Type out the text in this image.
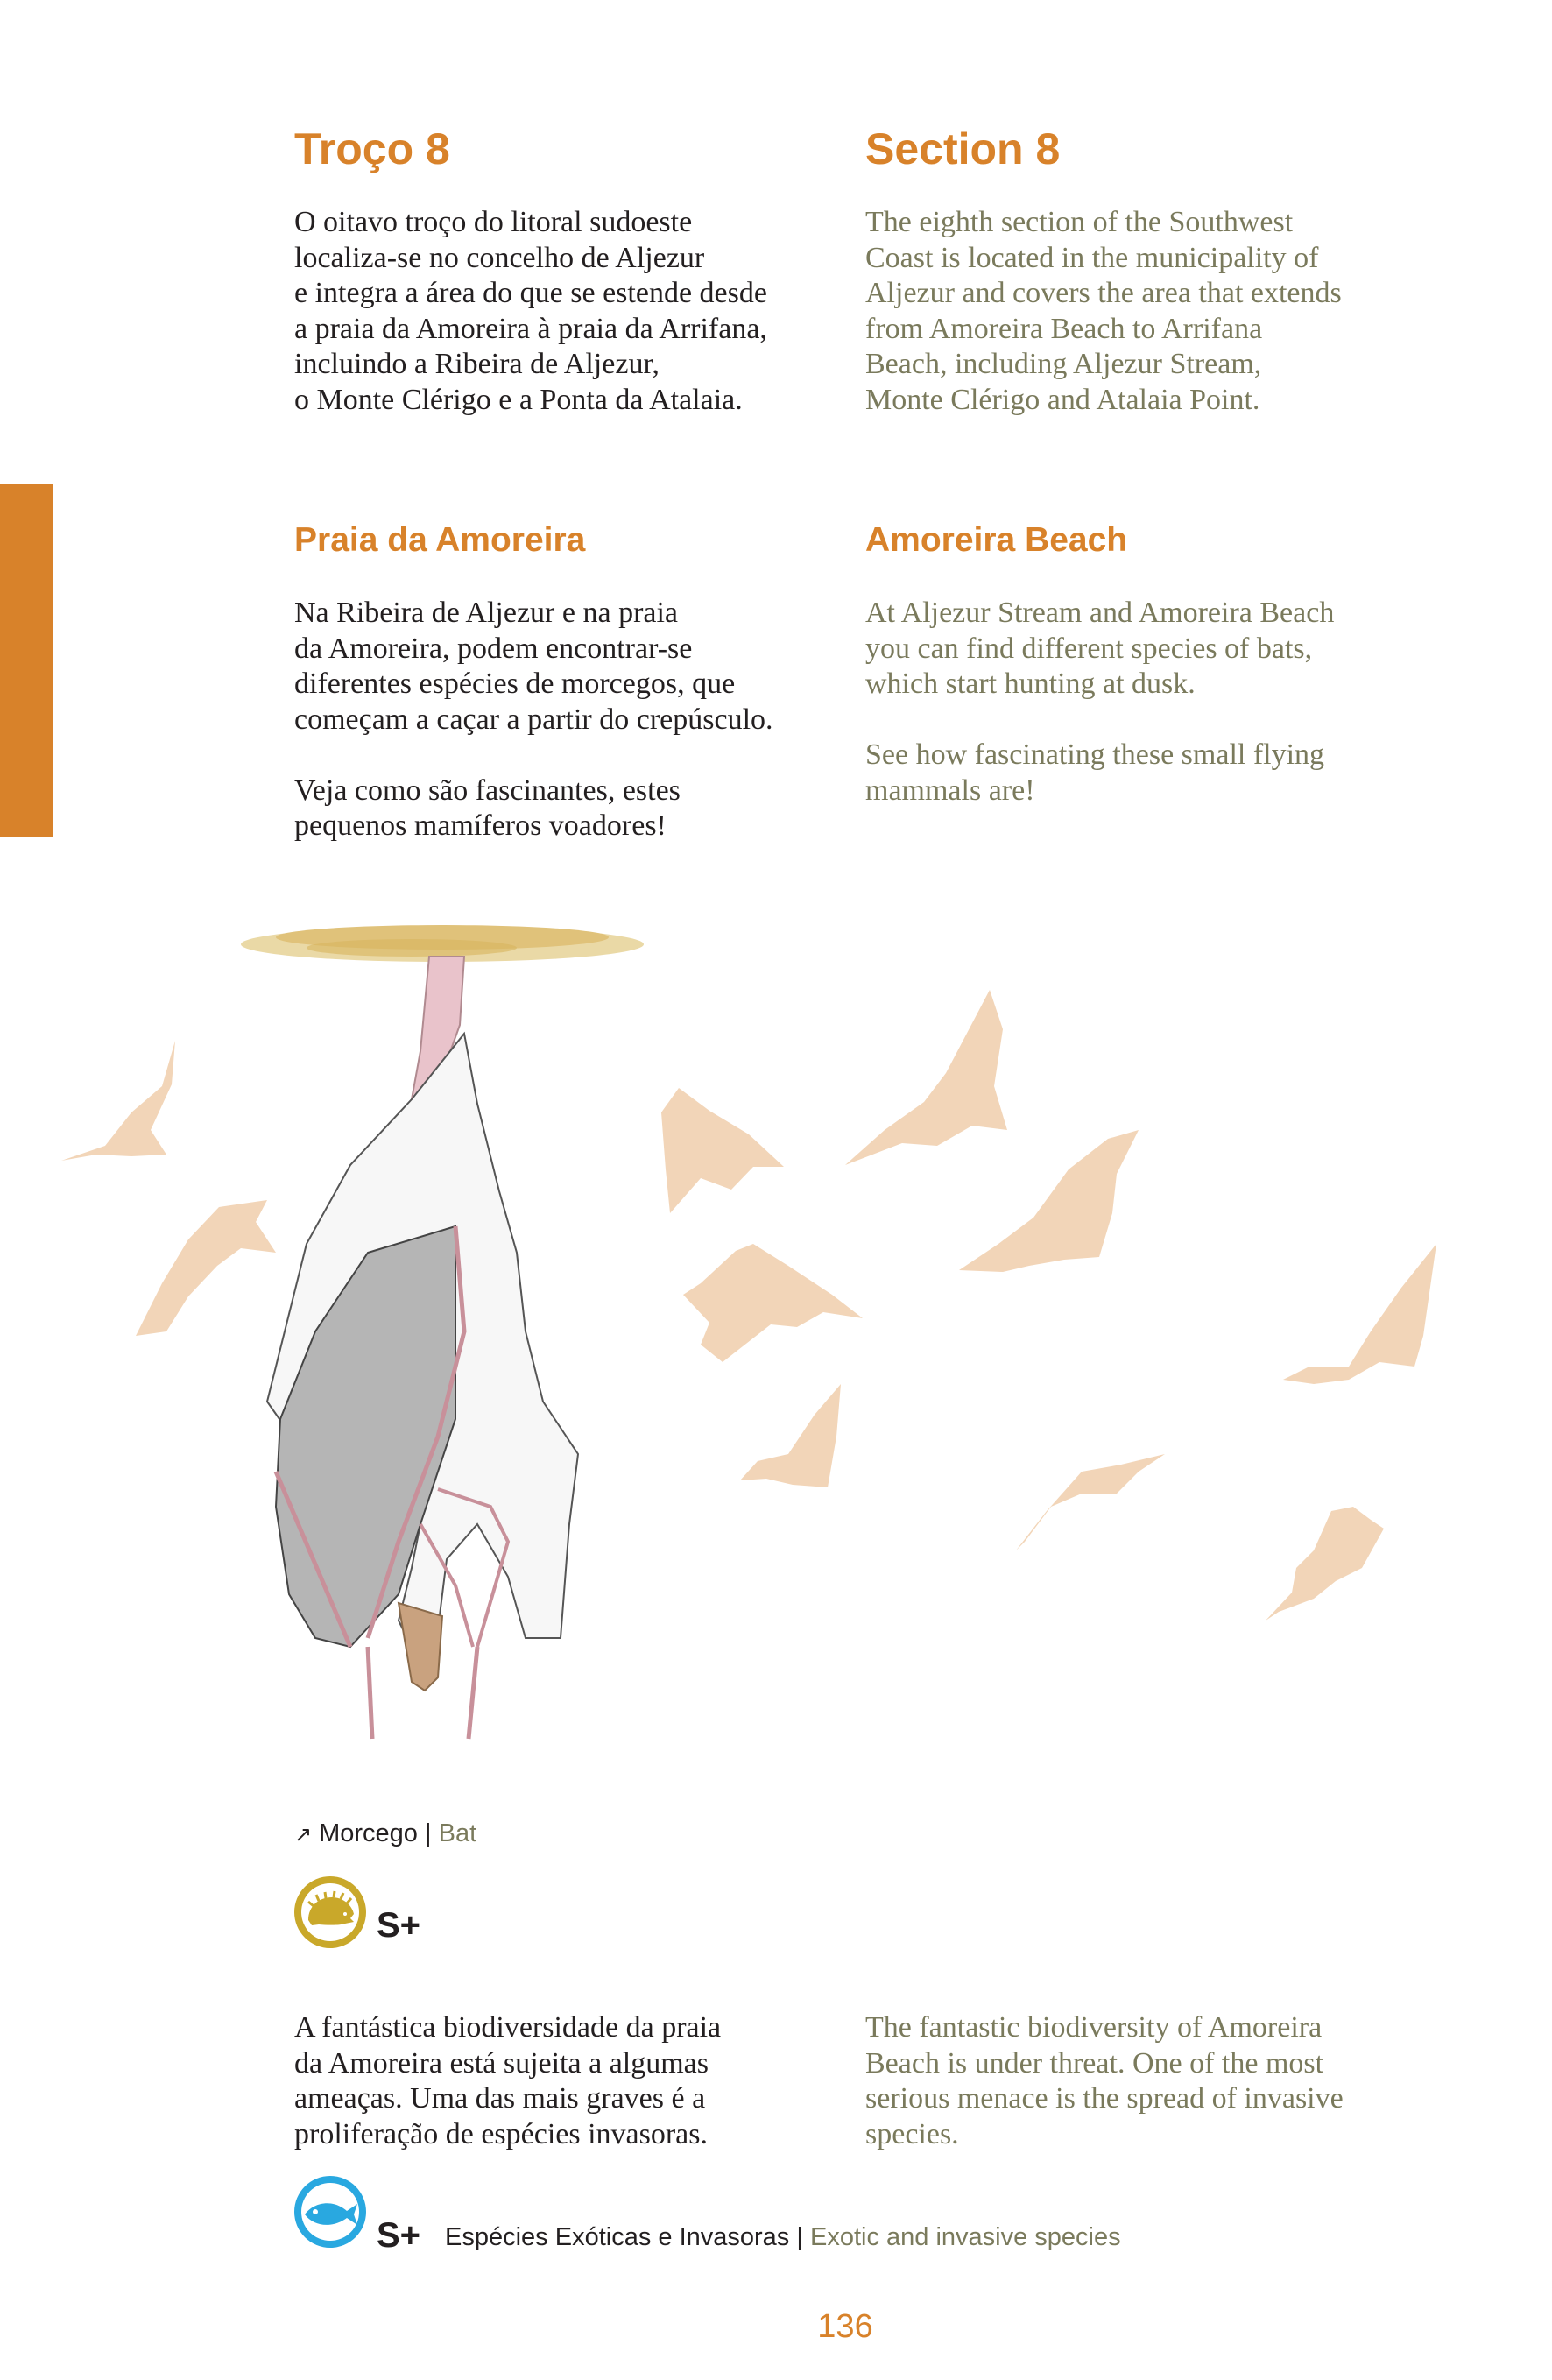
Troço 8	Section 8

O oitavo troço do litoral sudoeste
localiza-se no concelho de Aljezur
e integra a área do que se estende desde
a praia da Amoreira à praia da Arrifana,
incluindo a Ribeira de Aljezur,
o Monte Clérigo e a Ponta da Atalaia.

The eighth section of the Southwest
Coast is located in the municipality of
Aljezur and covers the area that extends
from Amoreira Beach to Arrifana
Beach, including Aljezur Stream,
Monte Clérigo and Atalaia Point.

Praia da Amoreira	Amoreira Beach

Na Ribeira de Aljezur e na praia
da Amoreira, podem encontrar-se
diferentes espécies de morcegos, que
começam a caçar a partir do crepúsculo.

Veja como são fascinantes, estes
pequenos mamíferos voadores!

At Aljezur Stream and Amoreira Beach
you can find different species of bats,
which start hunting at dusk.

See how fascinating these small flying
mammals are!

↗ Morcego | Bat
S+

A fantástica biodiversidade da praia
da Amoreira está sujeita a algumas
ameaças. Uma das mais graves é a
proliferação de espécies invasoras.

The fantastic biodiversity of Amoreira
Beach is under threat. One of the most
serious menace is the spread of invasive
species.

S+ Espécies Exóticas e Invasoras | Exotic and invasive species
136
